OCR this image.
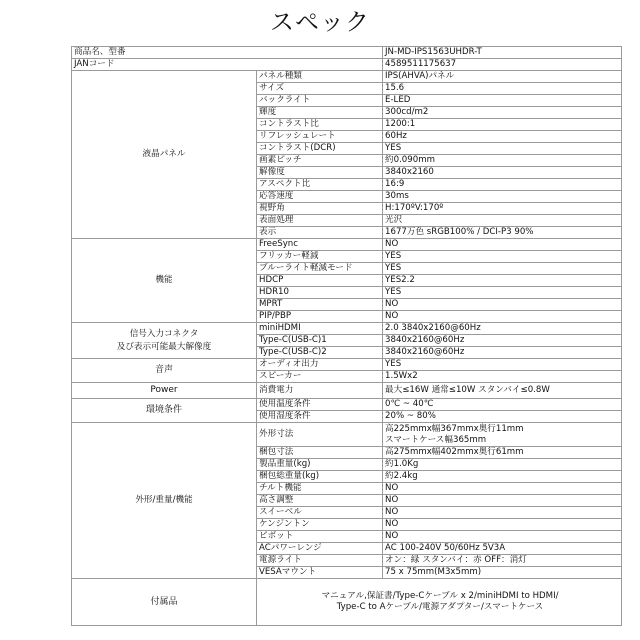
スペック
商品名、型番		JN-MD-IPS1563UHDR-T
JANコード		4589511175637
液晶パネル	パネル種類	IPS(AHVA)パネル
	サイズ	15.6
	バックライト	E-LED
	輝度	300cd/m2
	コントラスト比	1200:1
	リフレッシュレート	60Hz
	コントラスト(DCR)	YES
	画素ピッチ	約0.090mm
	解像度	3840x2160
	アスペクト比	16:9
	応答速度	30ms
	視野角	H:170ºV:170º
	表面処理	光沢
	表示	1677万色 sRGB100% / DCI-P3 90%
機能	FreeSync	NO
	フリッカー軽減	YES
	ブルーライト軽減モード	YES
	HDCP	YES2.2
	HDR10	YES
	MPRT	NO
	PIP/PBP	NO

信号入力コネクタ
及び表示可能最大解像度	miniHDMI	2.0 3840x2160@60Hz
	Type-C(USB-C)1	3840x2160@60Hz
	Type-C(USB-C)2	3840x2160@60Hz
音声	オーディオ出力	YES
	スピーカー	1.5Wx2
Power	消費電力	最大≤16W 通常≤10W スタンバイ≤0.8W
環境条件	使用温度条件	0℃ ~ 40℃
	使用湿度条件	20% ~ 80%
外形/重量/機能	外形寸法	高225mmx幅367mmx奥行11mm
スマートケース幅365mm

	梱包寸法	高275mmx幅402mmx奥行61mm
	製品重量(kg)	約1.0Kg
	梱包総重量(kg)	約2.4kg
	チルト機能	NO
	高さ調整	NO
	スイーベル	NO
	ケンジントン	NO
	ピボット	NO
	ACパワーレンジ	AC 100-240V 50/60Hz 5V3A
	電源ライト	オン：緑 スタンバイ：赤 OFF：消灯
	VESAマウント	75 x 75mm(M3x5mm)
付属品	マニュアル,保証書/Type-Cケーブル x 2/miniHDMI to HDMI/
Type-C to Aケーブル/電源アダプター/スマートケース	
